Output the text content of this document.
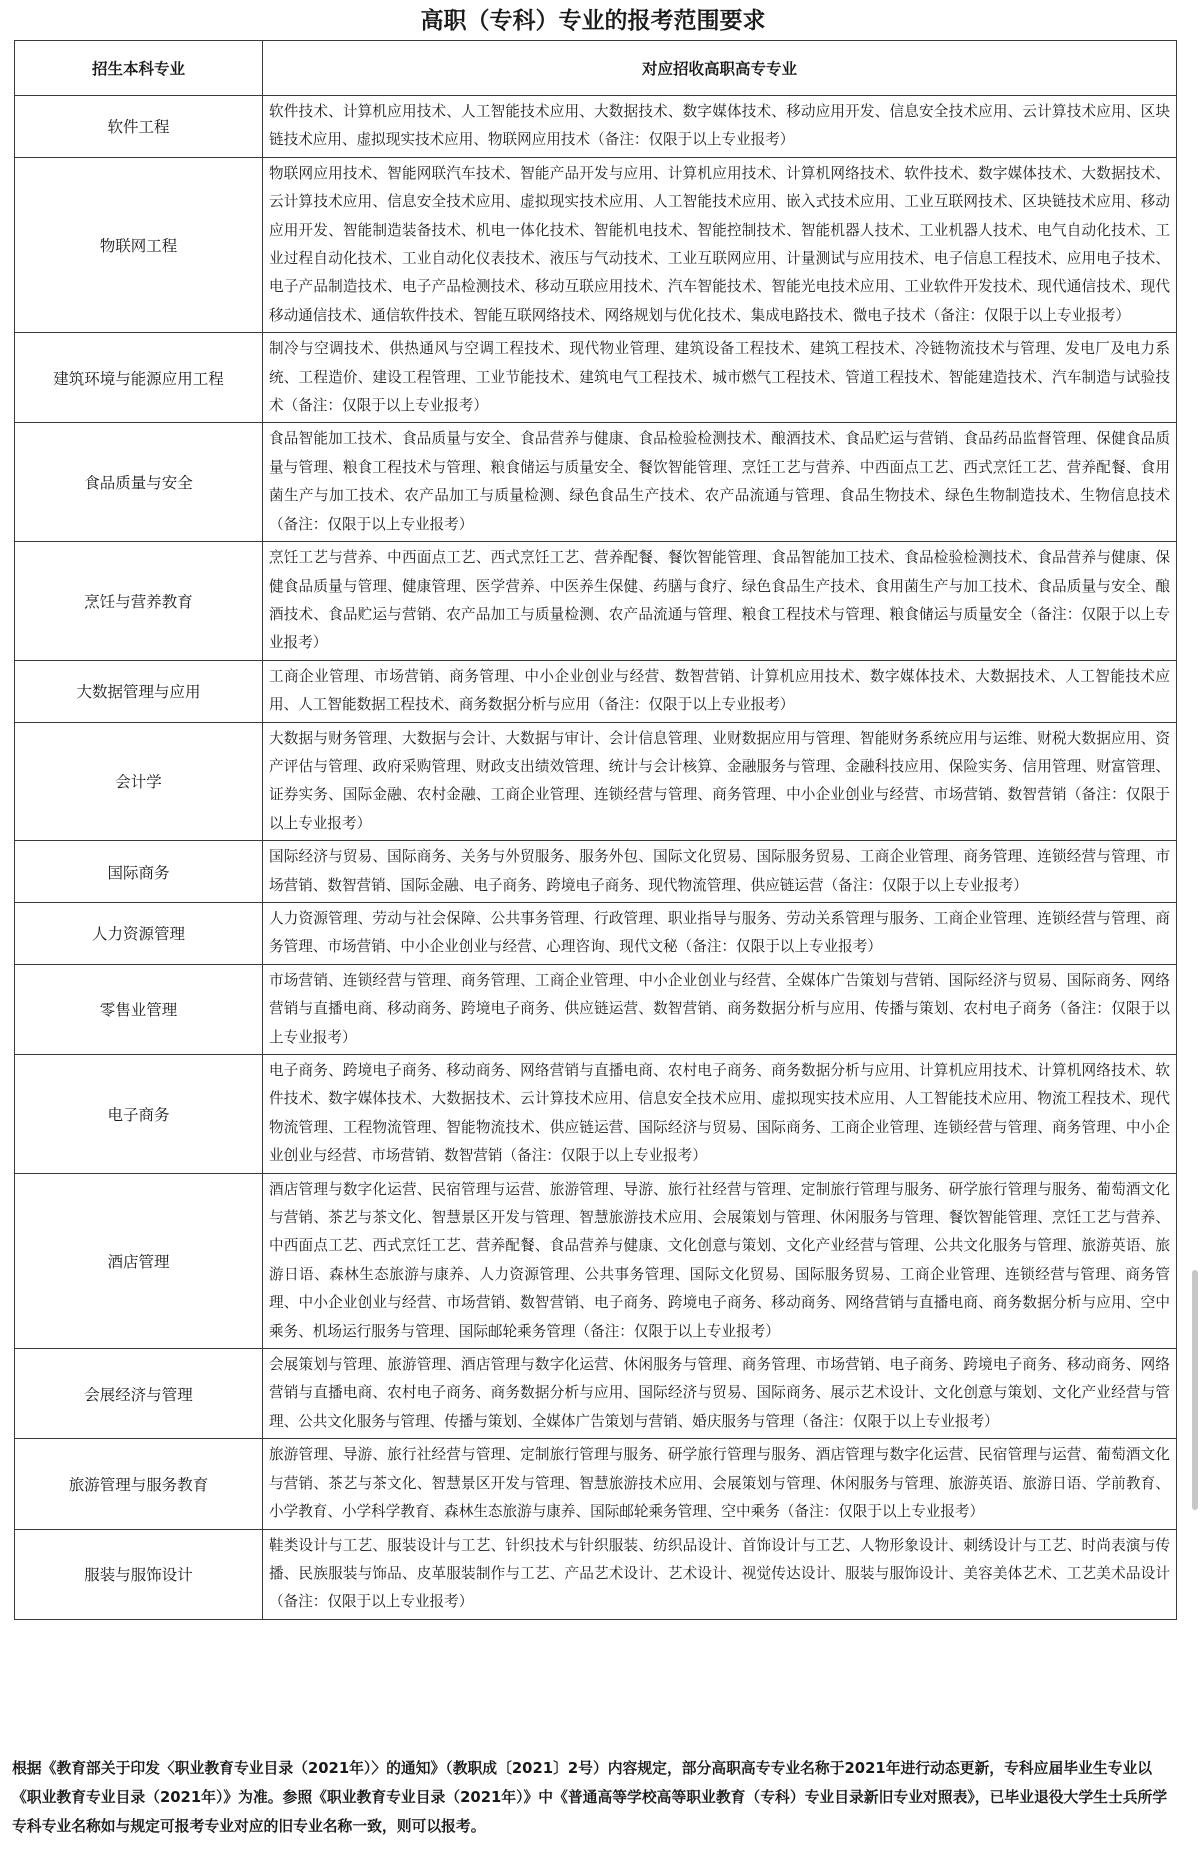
高职（专科）专业的报考范围要求
招生本科专业	对应招收高职高专专业
软件工程	软件技术、计算机应用技术、人工智能技术应用、大数据技术、数字媒体技术、移动应用开发、信息安全技术应用、云计算技术应用、区块链技术应用、虚拟现实技术应用、物联网应用技术（备注：仅限于以上专业报考）
物联网工程	物联网应用技术、智能网联汽车技术、智能产品开发与应用、计算机应用技术、计算机网络技术、软件技术、数字媒体技术、大数据技术、云计算技术应用、信息安全技术应用、虚拟现实技术应用、人工智能技术应用、嵌入式技术应用、工业互联网技术、区块链技术应用、移动应用开发、智能制造装备技术、机电一体化技术、智能机电技术、智能控制技术、智能机器人技术、工业机器人技术、电气自动化技术、工业过程自动化技术、工业自动化仪表技术、液压与气动技术、工业互联网应用、计量测试与应用技术、电子信息工程技术、应用电子技术、电子产品制造技术、电子产品检测技术、移动互联应用技术、汽车智能技术、智能光电技术应用、工业软件开发技术、现代通信技术、现代移动通信技术、通信软件技术、智能互联网络技术、网络规划与优化技术、集成电路技术、微电子技术（备注：仅限于以上专业报考）
建筑环境与能源应用工程	制冷与空调技术、供热通风与空调工程技术、现代物业管理、建筑设备工程技术、建筑工程技术、冷链物流技术与管理、发电厂及电力系统、工程造价、建设工程管理、工业节能技术、建筑电气工程技术、城市燃气工程技术、管道工程技术、智能建造技术、汽车制造与试验技术（备注：仅限于以上专业报考）
食品质量与安全	食品智能加工技术、食品质量与安全、食品营养与健康、食品检验检测技术、酿酒技术、食品贮运与营销、食品药品监督管理、保健食品质量与管理、粮食工程技术与管理、粮食储运与质量安全、餐饮智能管理、烹饪工艺与营养、中西面点工艺、西式烹饪工艺、营养配餐、食用菌生产与加工技术、农产品加工与质量检测、绿色食品生产技术、农产品流通与管理、食品生物技术、绿色生物制造技术、生物信息技术（备注：仅限于以上专业报考）
烹饪与营养教育	烹饪工艺与营养、中西面点工艺、西式烹饪工艺、营养配餐、餐饮智能管理、食品智能加工技术、食品检验检测技术、食品营养与健康、保健食品质量与管理、健康管理、医学营养、中医养生保健、药膳与食疗、绿色食品生产技术、食用菌生产与加工技术、食品质量与安全、酿酒技术、食品贮运与营销、农产品加工与质量检测、农产品流通与管理、粮食工程技术与管理、粮食储运与质量安全（备注：仅限于以上专业报考）
大数据管理与应用	工商企业管理、市场营销、商务管理、中小企业创业与经营、数智营销、计算机应用技术、数字媒体技术、大数据技术、人工智能技术应用、人工智能数据工程技术、商务数据分析与应用（备注：仅限于以上专业报考）
会计学	大数据与财务管理、大数据与会计、大数据与审计、会计信息管理、业财数据应用与管理、智能财务系统应用与运维、财税大数据应用、资产评估与管理、政府采购管理、财政支出绩效管理、统计与会计核算、金融服务与管理、金融科技应用、保险实务、信用管理、财富管理、证券实务、国际金融、农村金融、工商企业管理、连锁经营与管理、商务管理、中小企业创业与经营、市场营销、数智营销（备注：仅限于以上专业报考）
国际商务	国际经济与贸易、国际商务、关务与外贸服务、服务外包、国际文化贸易、国际服务贸易、工商企业管理、商务管理、连锁经营与管理、市场营销、数智营销、国际金融、电子商务、跨境电子商务、现代物流管理、供应链运营（备注：仅限于以上专业报考）
人力资源管理	人力资源管理、劳动与社会保障、公共事务管理、行政管理、职业指导与服务、劳动关系管理与服务、工商企业管理、连锁经营与管理、商务管理、市场营销、中小企业创业与经营、心理咨询、现代文秘（备注：仅限于以上专业报考）
零售业管理	市场营销、连锁经营与管理、商务管理、工商企业管理、中小企业创业与经营、全媒体广告策划与营销、国际经济与贸易、国际商务、网络营销与直播电商、移动商务、跨境电子商务、供应链运营、数智营销、商务数据分析与应用、传播与策划、农村电子商务（备注：仅限于以上专业报考）
电子商务	电子商务、跨境电子商务、移动商务、网络营销与直播电商、农村电子商务、商务数据分析与应用、计算机应用技术、计算机网络技术、软件技术、数字媒体技术、大数据技术、云计算技术应用、信息安全技术应用、虚拟现实技术应用、人工智能技术应用、物流工程技术、现代物流管理、工程物流管理、智能物流技术、供应链运营、国际经济与贸易、国际商务、工商企业管理、连锁经营与管理、商务管理、中小企业创业与经营、市场营销、数智营销（备注：仅限于以上专业报考）
酒店管理	酒店管理与数字化运营、民宿管理与运营、旅游管理、导游、旅行社经营与管理、定制旅行管理与服务、研学旅行管理与服务、葡萄酒文化与营销、茶艺与茶文化、智慧景区开发与管理、智慧旅游技术应用、会展策划与管理、休闲服务与管理、餐饮智能管理、烹饪工艺与营养、中西面点工艺、西式烹饪工艺、营养配餐、食品营养与健康、文化创意与策划、文化产业经营与管理、公共文化服务与管理、旅游英语、旅游日语、森林生态旅游与康养、人力资源管理、公共事务管理、国际文化贸易、国际服务贸易、工商企业管理、连锁经营与管理、商务管理、中小企业创业与经营、市场营销、数智营销、电子商务、跨境电子商务、移动商务、网络营销与直播电商、商务数据分析与应用、空中乘务、机场运行服务与管理、国际邮轮乘务管理（备注：仅限于以上专业报考）
会展经济与管理	会展策划与管理、旅游管理、酒店管理与数字化运营、休闲服务与管理、商务管理、市场营销、电子商务、跨境电子商务、移动商务、网络营销与直播电商、农村电子商务、商务数据分析与应用、国际经济与贸易、国际商务、展示艺术设计、文化创意与策划、文化产业经营与管理、公共文化服务与管理、传播与策划、全媒体广告策划与营销、婚庆服务与管理（备注：仅限于以上专业报考）
旅游管理与服务教育	旅游管理、导游、旅行社经营与管理、定制旅行管理与服务、研学旅行管理与服务、酒店管理与数字化运营、民宿管理与运营、葡萄酒文化与营销、茶艺与茶文化、智慧景区开发与管理、智慧旅游技术应用、会展策划与管理、休闲服务与管理、旅游英语、旅游日语、学前教育、小学教育、小学科学教育、森林生态旅游与康养、国际邮轮乘务管理、空中乘务（备注：仅限于以上专业报考）
服装与服饰设计	鞋类设计与工艺、服装设计与工艺、针织技术与针织服装、纺织品设计、首饰设计与工艺、人物形象设计、刺绣设计与工艺、时尚表演与传播、民族服装与饰品、皮革服装制作与工艺、产品艺术设计、艺术设计、视觉传达设计、服装与服饰设计、美容美体艺术、工艺美术品设计（备注：仅限于以上专业报考）

根据《教育部关于印发〈职业教育专业目录（2021年）〉的通知》（教职成〔2021〕2号）内容规定，部分高职高专专业名称于2021年进行动态更新，专科应届毕业生专业以《职业教育专业目录（2021年）》为准。参照《职业教育专业目录（2021年）》中《普通高等学校高等职业教育（专科）专业目录新旧专业对照表》，已毕业退役大学生士兵所学专科专业名称如与规定可报考专业对应的旧专业名称一致，则可以报考。
